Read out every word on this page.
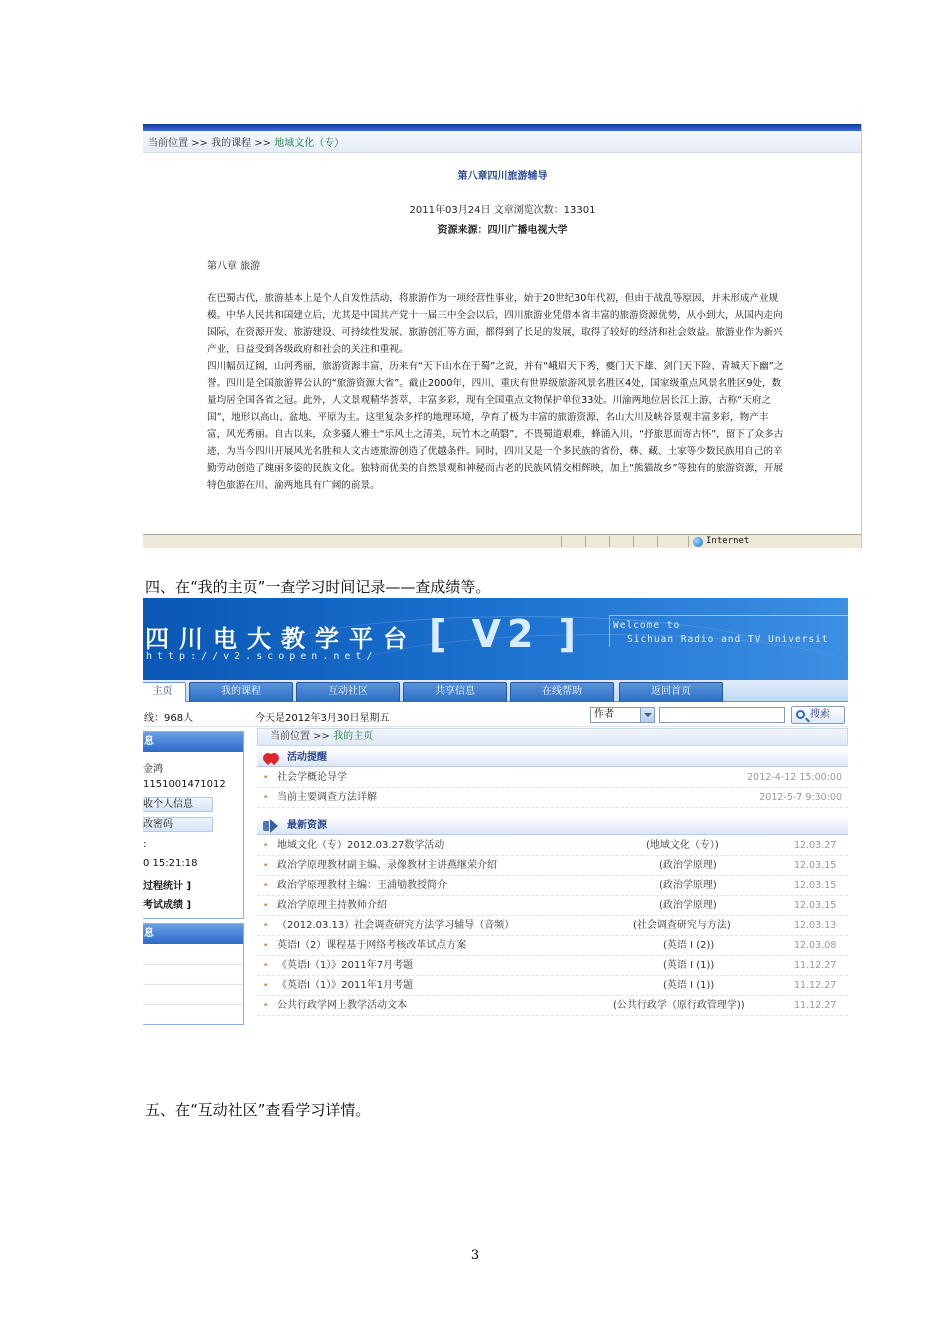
当前位置 >> 我的课程 >> 地域文化（专）
第八章四川旅游辅导
2011年03月24日 文章浏览次数：13301
资源来源：四川广播电视大学
第八章 旅游

在巴蜀古代，旅游基本上是个人自发性活动，将旅游作为一项经营性事业，始于20世纪30年代初，但由于战乱等原因，并未形成产业规模。中华人民共和国建立后，尤其是中国共产党十一届三中全会以后，四川旅游业凭借本省丰富的旅游资源优势，从小到大，从国内走向国际，在资源开发、旅游建设、可持续性发展、旅游创汇等方面，都得到了长足的发展，取得了较好的经济和社会效益。旅游业作为新兴产业，日益受到各级政府和社会的关注和重视。

四川幅员辽阔，山河秀丽，旅游资源丰富，历来有“天下山水在于蜀”之说，并有“峨眉天下秀，夔门天下雄、剑门天下险、青城天下幽”之誉。四川是全国旅游界公认的“旅游资源大省”。截止2000年，四川、重庆有世界级旅游风景名胜区4处，国家级重点风景名胜区9处，数量均居全国各省之冠。此外，人文景观精华荟萃，丰富多彩，现有全国重点文物保护单位33处。川渝两地位居长江上游，古称“天府之国”，地形以高山、盆地、平原为主。这里复杂多样的地理环境，孕育了极为丰富的旅游资源，名山大川及峡谷景观丰富多彩，物产丰富，风光秀丽。自古以来，众多骚人雅士“乐风土之清美，玩竹木之萌翳”，不畏蜀道艰难，蜂涌入川，“抒旅思而寄古怀”，留下了众多古迹，为当今四川开展风光名胜和人文古迹旅游创造了优越条件。同时，四川又是一个多民族的省份，彝、藏、土家等少数民族用自己的辛勤劳动创造了瑰丽多姿的民族文化。独特而优美的自然景观和神秘而古老的民族风情交相辉映，加上“熊猫故乡”等独有的旅游资源，开展特色旅游在川、渝两地具有广阔的前景。

Internet
四、在“我的主页”一查学习时间记录——查成绩等。
四川电大教学平台
http://v2.scopen.net/
[ V2 ]	Welcome to
Sichuan Radio and TV Universit
主页	我的课程	互动社区	共享信息	在线帮助	返回首页
线：968人	今天是2012年3月30日星期五	作者	搜索
息
金鸿
1151001471012
收个人信息
改密码
:
0 15:21:18
过程统计 ]
考试成绩 ]
息
当前位置 >> 我的主页
活动提醒
• 社会学概论导学	2012-4-12 15:00:00
• 当前主要调查方法详解	2012-5-7 9:30:00
最新资源
• 地域文化（专）2012.03.27数学活动	(地域文化（专）)	12.03.27
• 政治学原理教材副主编、录像教材主讲燕继荣介绍	(政治学原理)	12.03.15
• 政治学原理教材主编：王浦劬教授简介	(政治学原理)	12.03.15
• 政治学原理主持教师介绍	(政治学原理)	12.03.15
• （2012.03.13）社会调查研究方法学习辅导（音频）	(社会调查研究与方法)	12.03.13
• 英语I（2）课程基于网络考核改革试点方案	(英语 I (2))	12.03.08
• 《英语I（1）》2011年7月考题	(英语 I (1))	11.12.27
• 《英语I（1）》2011年1月考题	(英语 I (1))	11.12.27
• 公共行政学网上教学活动文本	(公共行政学（原行政管理学))	11.12.27
五、在“互动社区”查看学习详情。
3
